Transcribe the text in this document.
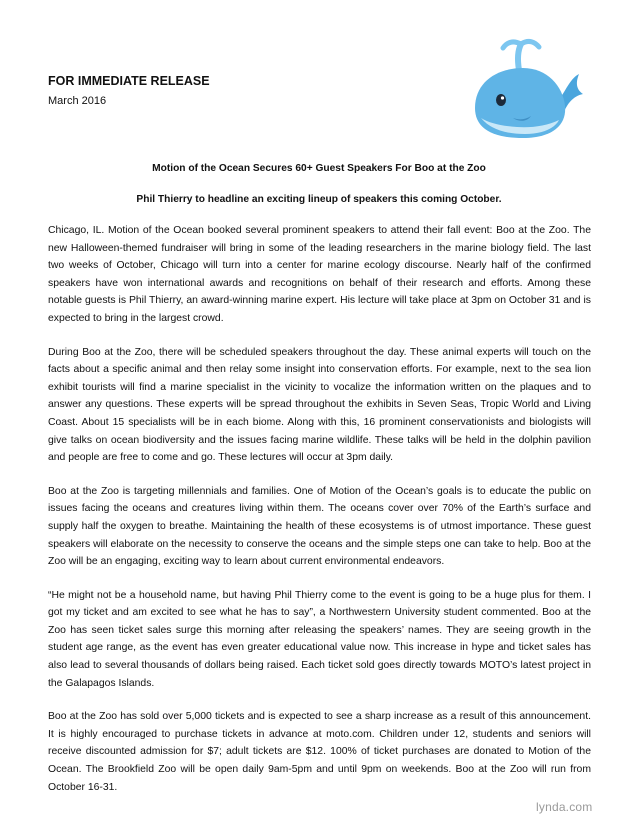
FOR IMMEDIATE RELEASE

March 2016

Motion of the Ocean Secures 60+ Guest Speakers For Boo at the Zoo

Phil Thierry to headline an exciting lineup of speakers this coming October.

Chicago, IL. Motion of the Ocean booked several prominent speakers to attend their fall event: Boo at the Zoo. The new Halloween-themed fundraiser will bring in some of the leading researchers in the marine biology field. The last two weeks of October, Chicago will turn into a center for marine ecology discourse. Nearly half of the confirmed speakers have won international awards and recognitions on behalf of their research and efforts. Among these notable guests is Phil Thierry, an award-winning marine expert. His lecture will take place at 3pm on October 31 and is expected to bring in the largest crowd.

During Boo at the Zoo, there will be scheduled speakers throughout the day. These animal experts will touch on the facts about a specific animal and then relay some insight into conservation efforts. For example, next to the sea lion exhibit tourists will find a marine specialist in the vicinity to vocalize the information written on the plaques and to answer any questions. These experts will be spread throughout the exhibits in Seven Seas, Tropic World and Living Coast. About 15 specialists will be in each biome. Along with this, 16 prominent conservationists and biologists will give talks on ocean biodiversity and the issues facing marine wildlife. These talks will be held in the dolphin pavilion and people are free to come and go. These lectures will occur at 3pm daily.

Boo at the Zoo is targeting millennials and families. One of Motion of the Ocean’s goals is to educate the public on issues facing the oceans and creatures living within them. The oceans cover over 70% of the Earth’s surface and supply half the oxygen to breathe. Maintaining the health of these ecosystems is of utmost importance. These guest speakers will elaborate on the necessity to conserve the oceans and the simple steps one can take to help. Boo at the Zoo will be an engaging, exciting way to learn about current environmental endeavors.

“He might not be a household name, but having Phil Thierry come to the event is going to be a huge plus for them. I got my ticket and am excited to see what he has to say”, a Northwestern University student commented. Boo at the Zoo has seen ticket sales surge this morning after releasing the speakers’ names. They are seeing growth in the student age range, as the event has even greater educational value now. This increase in hype and ticket sales has also lead to several thousands of dollars being raised. Each ticket sold goes directly towards MOTO’s latest project in the Galapagos Islands.

Boo at the Zoo has sold over 5,000 tickets and is expected to see a sharp increase as a result of this announcement. It is highly encouraged to purchase tickets in advance at moto.com. Children under 12, students and seniors will receive discounted admission for $7; adult tickets are $12. 100% of ticket purchases are donated to Motion of the Ocean. The Brookfield Zoo will be open daily 9am-5pm and until 9pm on weekends. Boo at the Zoo will run from October 16-31.

lynda.com
